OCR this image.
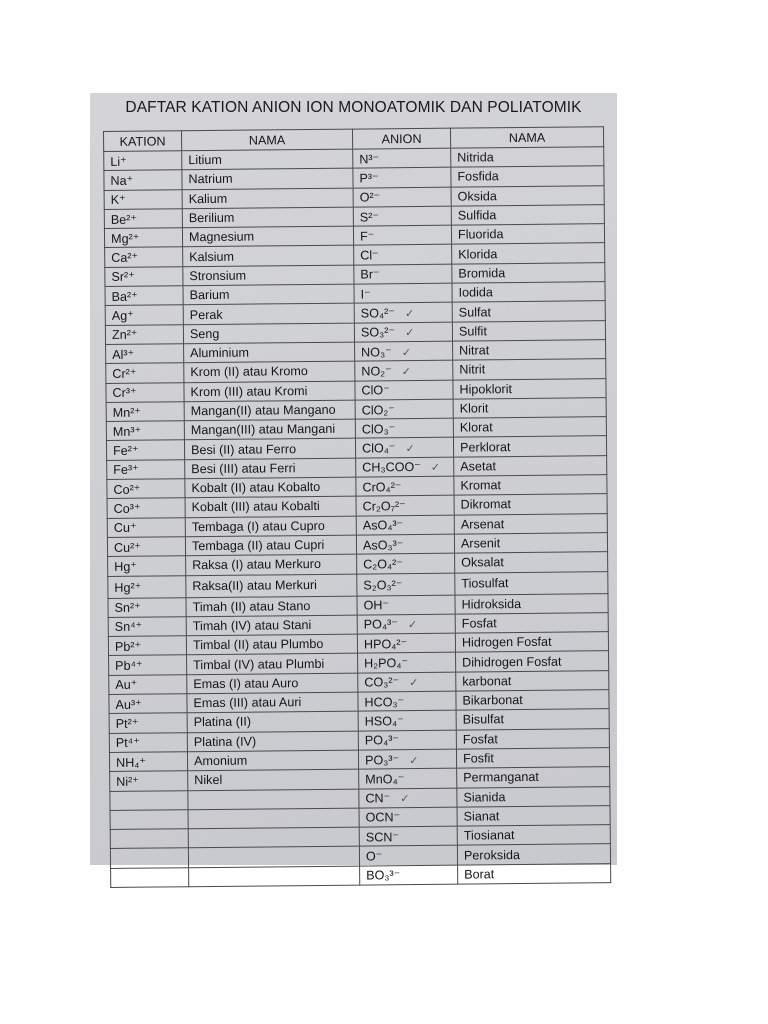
DAFTAR KATION ANION ION MONOATOMIK DAN POLIATOMIK
KATION	NAMA	ANION	NAMA
Li⁺	Litium	N³⁻	Nitrida
Na⁺	Natrium	P³⁻	Fosfida
K⁺	Kalium	O²⁻	Oksida
Be²⁺	Berilium	S²⁻	Sulfida
Mg²⁺	Magnesium	F⁻	Fluorida
Ca²⁺	Kalsium	Cl⁻	Klorida
Sr²⁺	Stronsium	Br⁻	Bromida
Ba²⁺	Barium	I⁻	Iodida
Ag⁺	Perak	SO₄²⁻ ✓	Sulfat
Zn²⁺	Seng	SO₃²⁻ ✓	Sulfit
Al³⁺	Aluminium	NO₃⁻ ✓	Nitrat
Cr²⁺	Krom (II) atau Kromo	NO₂⁻ ✓	Nitrit
Cr³⁺	Krom (III) atau Kromi	ClO⁻	Hipoklorit
Mn²⁺	Mangan(II) atau Mangano	ClO₂⁻	Klorit
Mn³⁺	Mangan(III) atau Mangani	ClO₃⁻	Klorat
Fe²⁺	Besi (II) atau Ferro	ClO₄⁻ ✓	Perklorat
Fe³⁺	Besi (III) atau Ferri	CH₃COO⁻ ✓	Asetat
Co²⁺	Kobalt (II) atau Kobalto	CrO₄²⁻	Kromat
Co³⁺	Kobalt (III) atau Kobalti	Cr₂O₇²⁻	Dikromat
Cu⁺	Tembaga (I) atau Cupro	AsO₄³⁻	Arsenat
Cu²⁺	Tembaga (II) atau Cupri	AsO₃³⁻	Arsenit
Hg⁺	Raksa (I) atau Merkuro	C₂O₄²⁻	Oksalat
Hg²⁺	Raksa(II) atau Merkuri	S₂O₃²⁻	Tiosulfat
Sn²⁺	Timah (II) atau Stano	OH⁻	Hidroksida
Sn⁴⁺	Timah (IV) atau Stani	PO₄³⁻ ✓	Fosfat
Pb²⁺	Timbal (II) atau Plumbo	HPO₄²⁻	Hidrogen Fosfat
Pb⁴⁺	Timbal (IV) atau Plumbi	H₂PO₄⁻	Dihidrogen Fosfat
Au⁺	Emas (I) atau Auro	CO₃²⁻ ✓	karbonat
Au³⁺	Emas (III) atau Auri	HCO₃⁻	Bikarbonat
Pt²⁺	Platina (II)	HSO₄⁻	Bisulfat
Pt⁴⁺	Platina (IV)	PO₄³⁻	Fosfat
NH₄⁺	Amonium	PO₃³⁻ ✓	Fosfit
Ni²⁺	Nikel	MnO₄⁻	Permanganat
		CN⁻ ✓	Sianida
		OCN⁻	Sianat
		SCN⁻	Tiosianat
		O⁻	Peroksida
		BO₃³⁻	Borat
